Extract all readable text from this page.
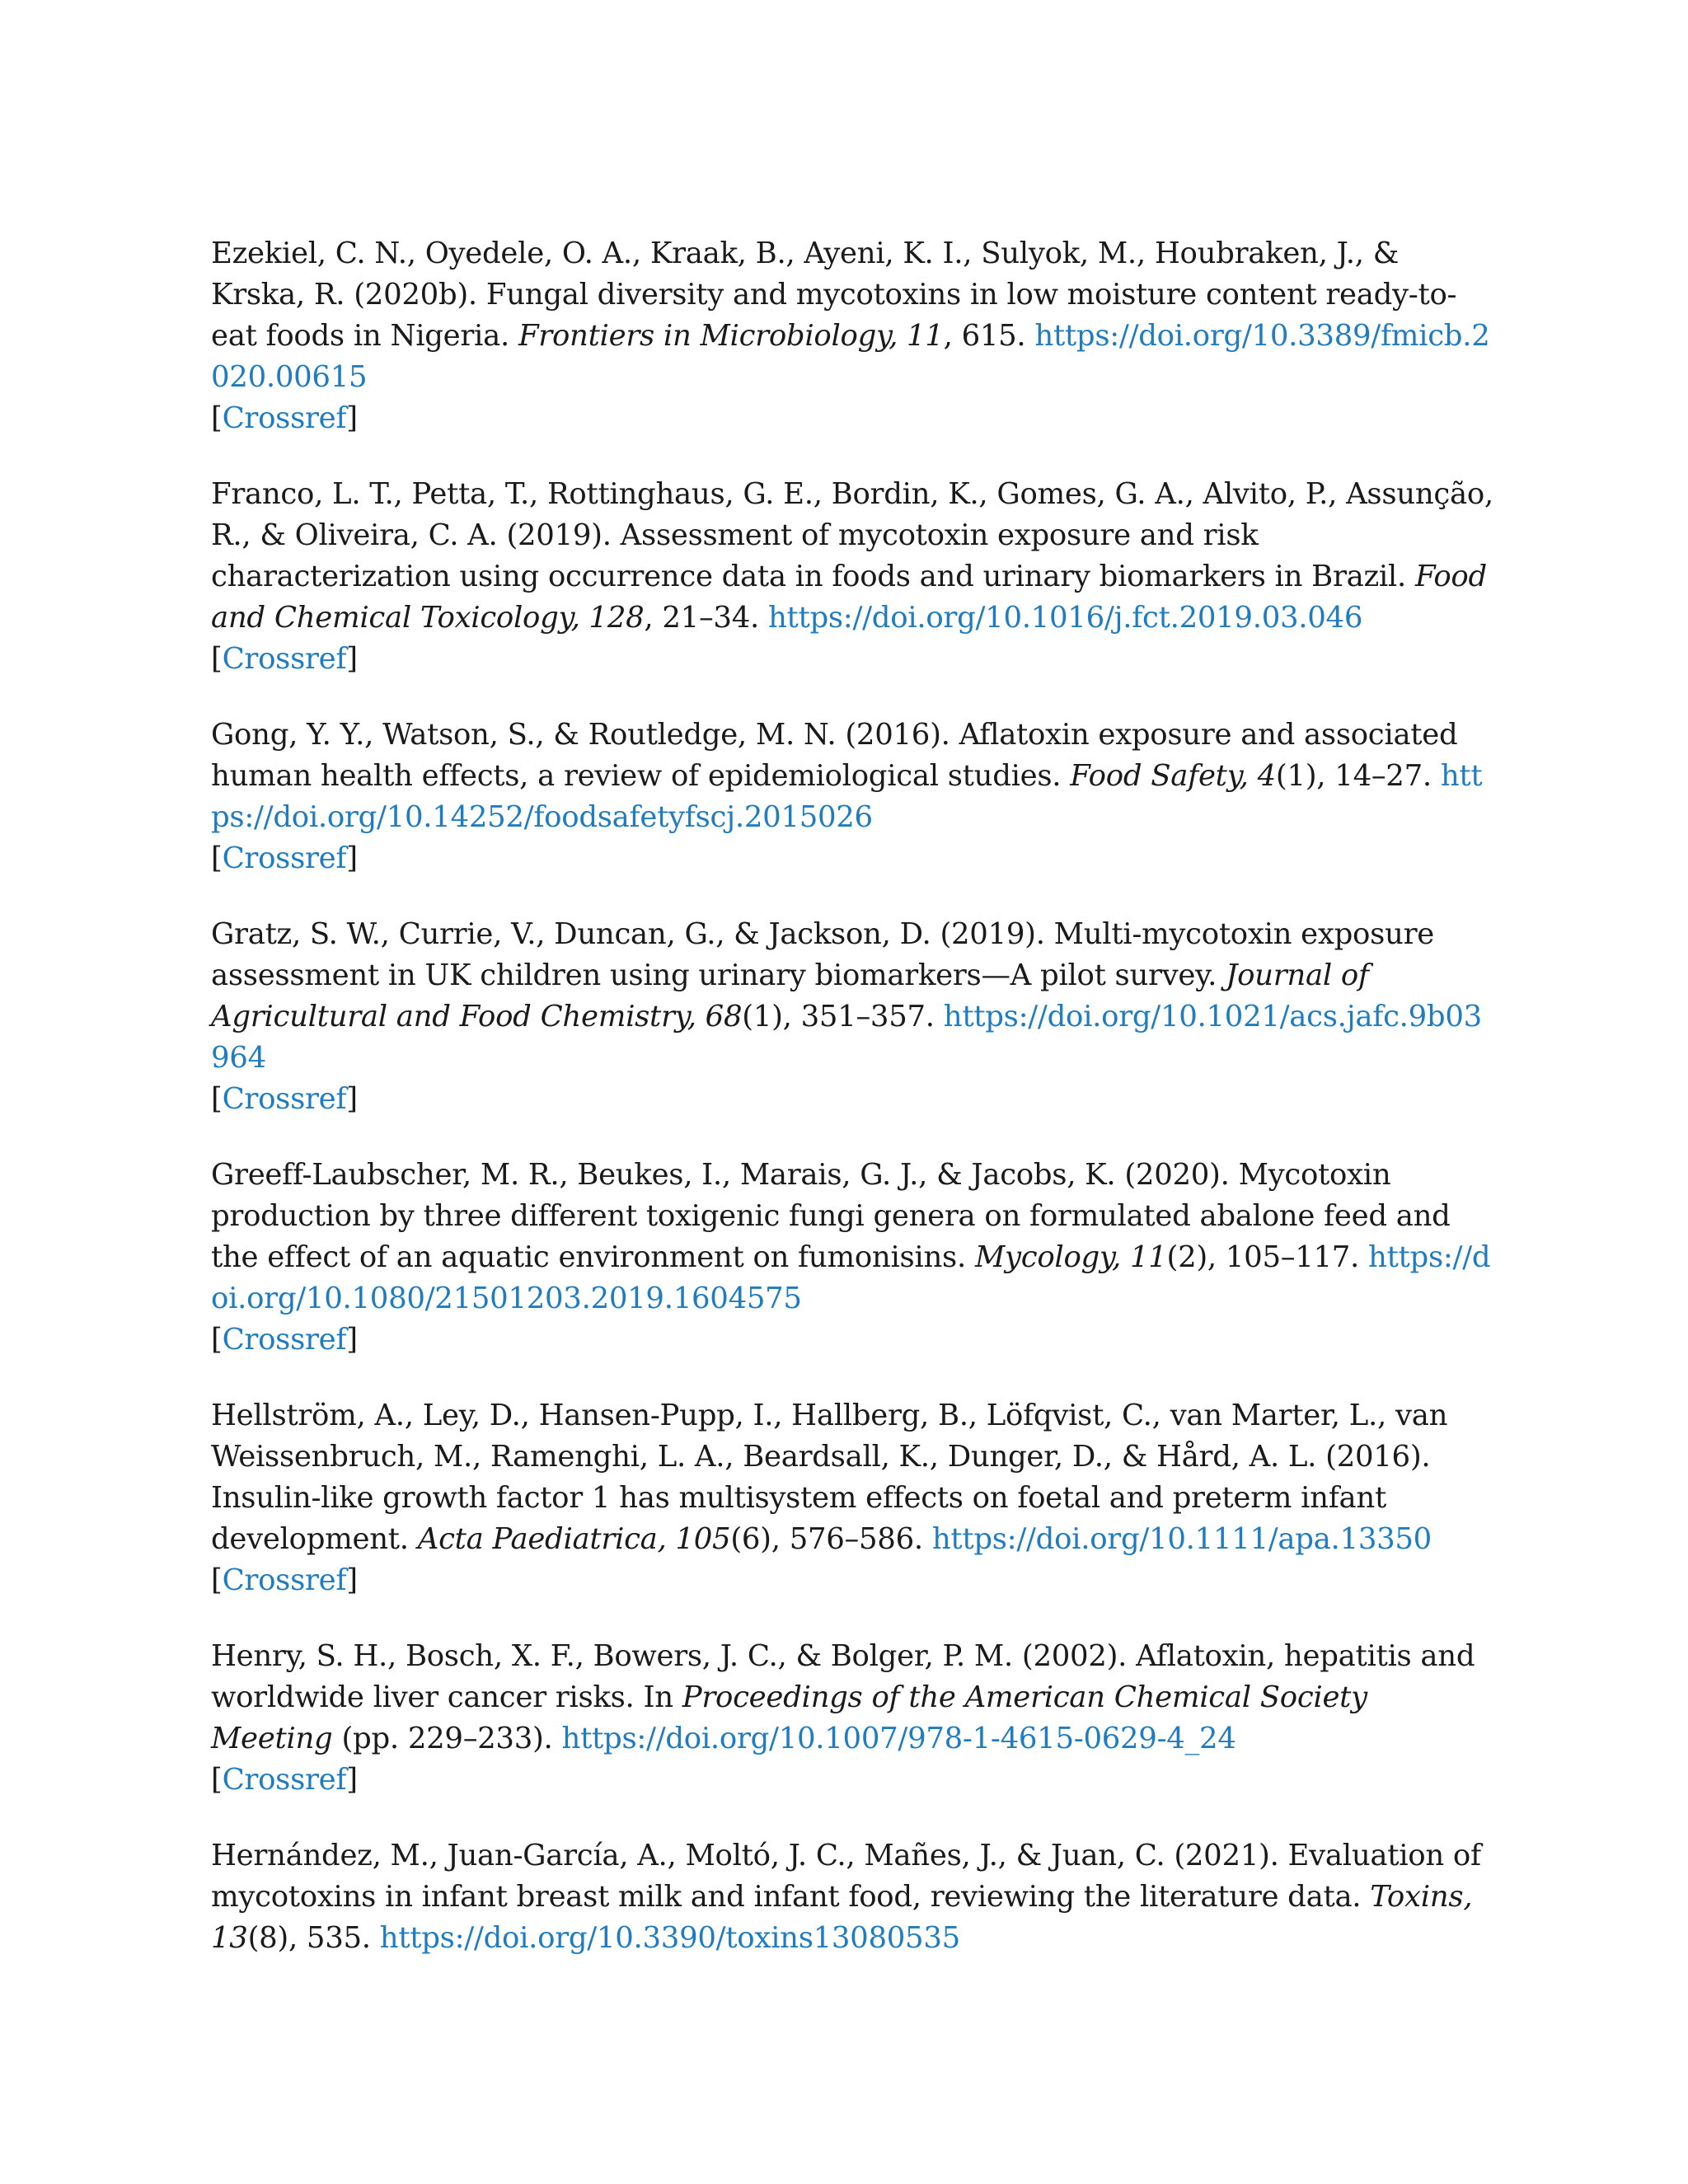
Ezekiel, C. N., Oyedele, O. A., Kraak, B., Ayeni, K. I., Sulyok, M., Houbraken, J., & Krska, R. (2020b). Fungal diversity and mycotoxins in low moisture content ready-to-eat foods in Nigeria. Frontiers in Microbiology, 11, 615. https://doi.org/10.3389/fmicb.2020.00615
[Crossref]

Franco, L. T., Petta, T., Rottinghaus, G. E., Bordin, K., Gomes, G. A., Alvito, P., Assunção, R., & Oliveira, C. A. (2019). Assessment of mycotoxin exposure and risk characterization using occurrence data in foods and urinary biomarkers in Brazil. Food and Chemical Toxicology, 128, 21–34. https://doi.org/10.1016/j.fct.2019.03.046
[Crossref]

Gong, Y. Y., Watson, S., & Routledge, M. N. (2016). Aflatoxin exposure and associated human health effects, a review of epidemiological studies. Food Safety, 4(1), 14–27. https://doi.org/10.14252/foodsafetyfscj.2015026
[Crossref]

Gratz, S. W., Currie, V., Duncan, G., & Jackson, D. (2019). Multi-mycotoxin exposure assessment in UK children using urinary biomarkers—A pilot survey. Journal of Agricultural and Food Chemistry, 68(1), 351–357. https://doi.org/10.1021/acs.jafc.9b03964
[Crossref]

Greeff-Laubscher, M. R., Beukes, I., Marais, G. J., & Jacobs, K. (2020). Mycotoxin production by three different toxigenic fungi genera on formulated abalone feed and the effect of an aquatic environment on fumonisins. Mycology, 11(2), 105–117. https://doi.org/10.1080/21501203.2019.1604575
[Crossref]

Hellström, A., Ley, D., Hansen-Pupp, I., Hallberg, B., Löfqvist, C., van Marter, L., van Weissenbruch, M., Ramenghi, L. A., Beardsall, K., Dunger, D., & Hård, A. L. (2016). Insulin-like growth factor 1 has multisystem effects on foetal and preterm infant development. Acta Paediatrica, 105(6), 576–586. https://doi.org/10.1111/apa.13350
[Crossref]

Henry, S. H., Bosch, X. F., Bowers, J. C., & Bolger, P. M. (2002). Aflatoxin, hepatitis and worldwide liver cancer risks. In Proceedings of the American Chemical Society Meeting (pp. 229–233). https://doi.org/10.1007/978-1-4615-0629-4_24
[Crossref]

Hernández, M., Juan-García, A., Moltó, J. C., Mañes, J., & Juan, C. (2021). Evaluation of mycotoxins in infant breast milk and infant food, reviewing the literature data. Toxins, 13(8), 535. https://doi.org/10.3390/toxins13080535
